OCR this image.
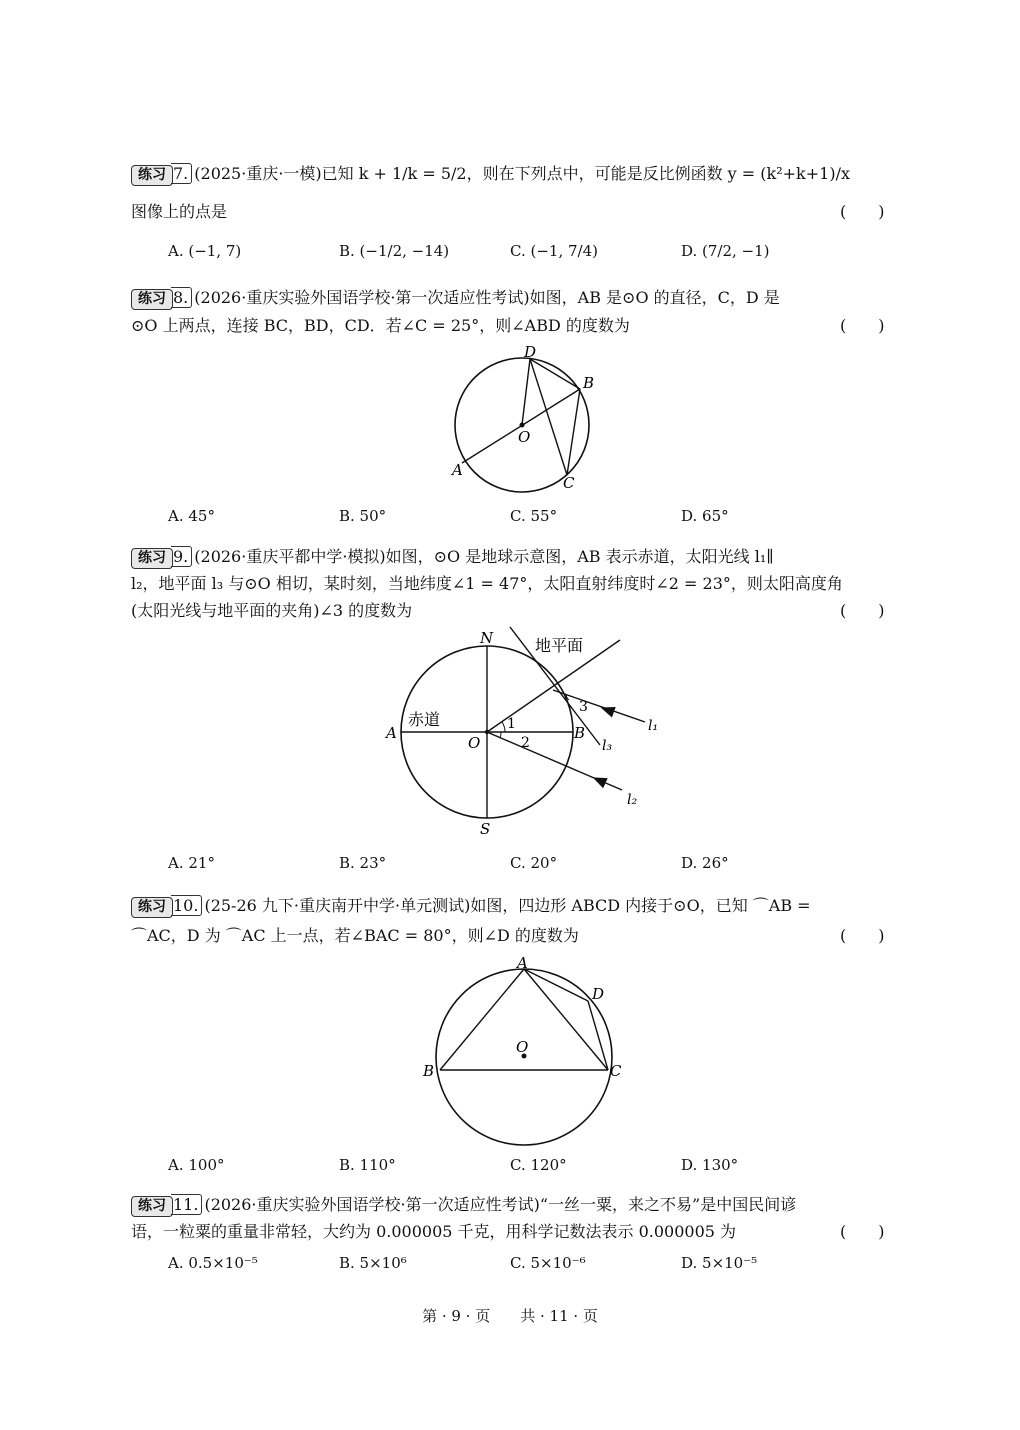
练习 7. (2025·重庆·一模)已知 k + 1/k = 5/2，则在下列点中，可能是反比例函数 y = (k²+k+1)/x
图像上的点是	(　　)
A. (−1, 7)	B. (−1/2, −14)	C. (−1, 7/4)	D. (7/2, −1)
练习 8. (2026·重庆实验外国语学校·第一次适应性考试)如图，AB 是⊙O 的直径，C，D 是
⊙O 上两点，连接 BC，BD，CD．若∠C = 25°，则∠ABD 的度数为	(　　)
D
B
O
A
C
A. 45°	B. 50°	C. 55°	D. 65°
练习 9. (2026·重庆平都中学·模拟)如图，⊙O 是地球示意图，AB 表示赤道，太阳光线 l₁∥
l₂，地平面 l₃ 与⊙O 相切，某时刻，当地纬度∠1 = 47°，太阳直射纬度时∠2 = 23°，则太阳高度角
(太阳光线与地平面的夹角)∠3 的度数为	(　　)
N
S
A	B
O
赤道
地平面
1
2
3
l₁
l₂
l₃
A. 21°	B. 23°	C. 20°	D. 26°
练习 10. (25-26 九下·重庆南开中学·单元测试)如图，四边形 ABCD 内接于⊙O，已知 ⌒AB =
⌒AC，D 为 ⌒AC 上一点，若∠BAC = 80°，则∠D 的度数为	(　　)
A
D
O
B	C
A. 100°	B. 110°	C. 120°	D. 130°
练习 11. (2026·重庆实验外国语学校·第一次适应性考试)“一丝一粟，来之不易”是中国民间谚
语，一粒粟的重量非常轻，大约为 0.000005 千克，用科学记数法表示 0.000005 为	(　　)
A. 0.5×10⁻⁵	B. 5×10⁶	C. 5×10⁻⁶	D. 5×10⁻⁵
第 · 9 · 页　　共 · 11 · 页
